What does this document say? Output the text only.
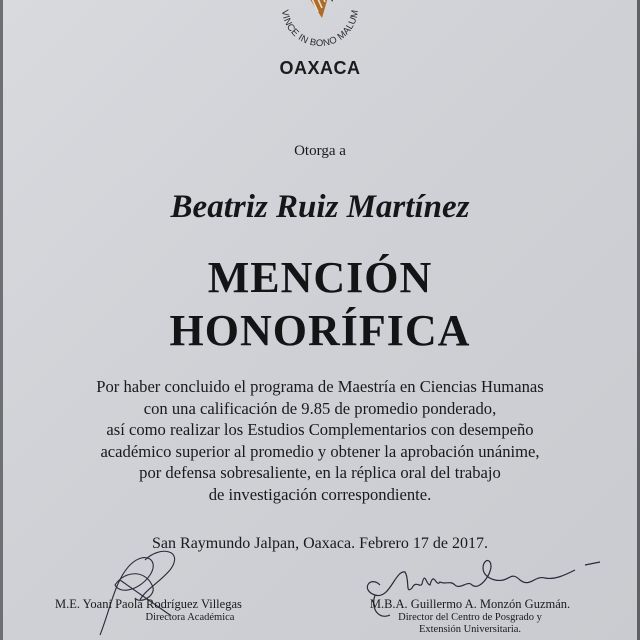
VINCE IN BONO MALUM
OAXACA
Otorga a
Beatriz Ruiz Martínez
MENCIÓN
HONORÍFICA
Por haber concluido el programa de Maestría en Ciencias Humanas
con una calificación de 9.85 de promedio ponderado,
así como realizar los Estudios Complementarios con desempeño
académico superior al promedio y obtener la aprobación unánime,
por defensa sobresaliente, en la réplica oral del trabajo
de investigación correspondiente.
San Raymundo Jalpan, Oaxaca. Febrero 17 de 2017.
M.E. Yoani Paola Rodríguez Villegas
Directora Académica
M.B.A. Guillermo A. Monzón Guzmán.
Director del Centro de Posgrado y
Extensión Universitaria.
